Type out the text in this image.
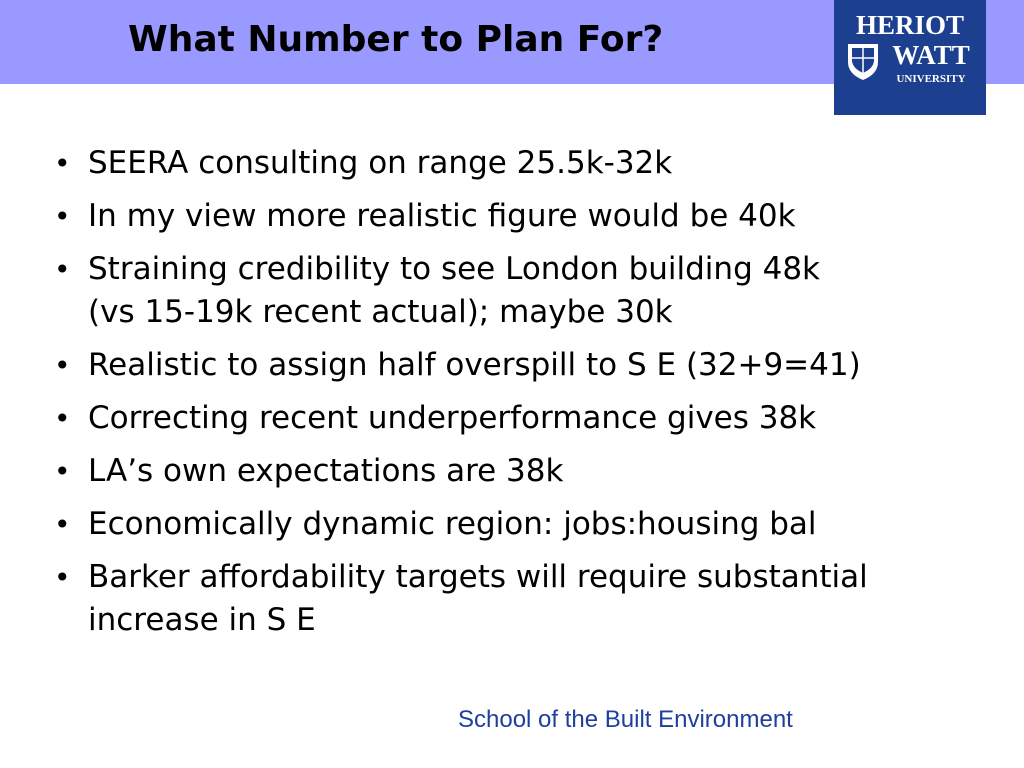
What Number to Plan For?	HERIOT
WATT
UNIVERSITY
• SEERA consulting on range 25.5k-32k
• In my view more realistic figure would be 40k
• Straining credibility to see London building 48k
(vs 15-19k recent actual); maybe 30k
• Realistic to assign half overspill to S E (32+9=41)
• Correcting recent underperformance gives 38k
• LA’s own expectations are 38k
• Economically dynamic region: jobs:housing bal
• Barker affordability targets will require substantial
increase in S E
School of the Built Environment
